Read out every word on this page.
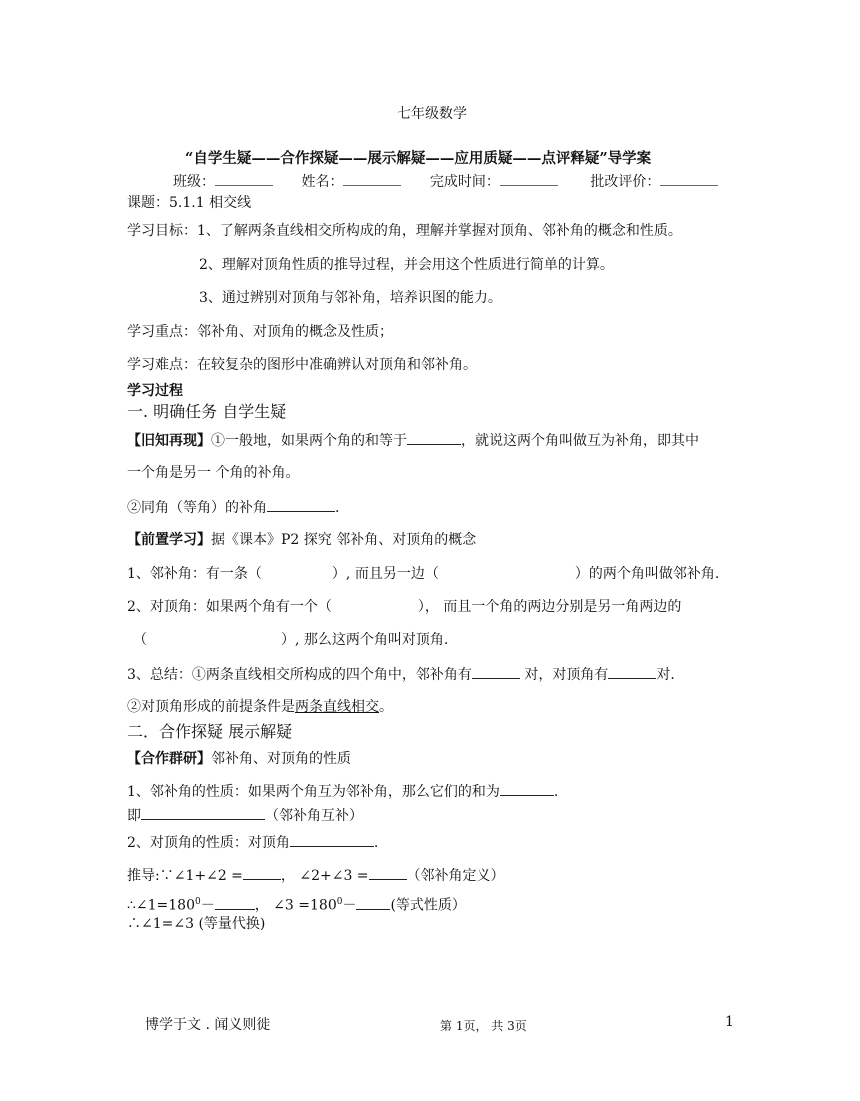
七年级数学
“自学生疑——合作探疑——展示解疑——应用质疑——点评释疑”导学案
班级：	姓名：	完成时间：	批改评价：
课题：5.1.1 相交线
学习目标：1、了解两条直线相交所构成的角，理解并掌握对顶角、邻补角的概念和性质。
2、理解对顶角性质的推导过程，并会用这个性质进行简单的计算。
3、通过辨别对顶角与邻补角，培养识图的能力。
学习重点：邻补角、对顶角的概念及性质；
学习难点：在较复杂的图形中准确辨认对顶角和邻补角。
学习过程
一. 明确任务 自学生疑
【旧知再现】①一般地，如果两个角的和等于	，就说这两个角叫做互为补角，即其中
一个角是另一 个角的补角。
②同角（等角）的补角	.
【前置学习】据《课本》P2 探究 邻补角、对顶角的概念
1、邻补角：有一条（	）, 而且另一边（	）的两个角叫做邻补角.
2、对顶角：如果两个角有一个（	）， 而且一个角的两边分别是另一角两边的
（	）, 那么这两个角叫对顶角.
3、总结：①两条直线相交所构成的四个角中，邻补角有	对，对顶角有	对.
②对顶角形成的前提条件是两条直线相交。
二．合作探疑 展示解疑
【合作群研】邻补角、对顶角的性质
1、邻补角的性质：如果两个角互为邻补角，那么它们的和为	.
即	（邻补角互补）
2、对顶角的性质：对顶角	.
推导:∵∠1+∠2 =	， ∠2+∠3 =	（邻补角定义）
$\therefore\angle 1=180^0-$	， ∠3 $=180^0-$ (等式性质）
∴∠1=∠3 (等量代换)
博学于文 . 闻义则徙	第 1页， 共 3页	1
